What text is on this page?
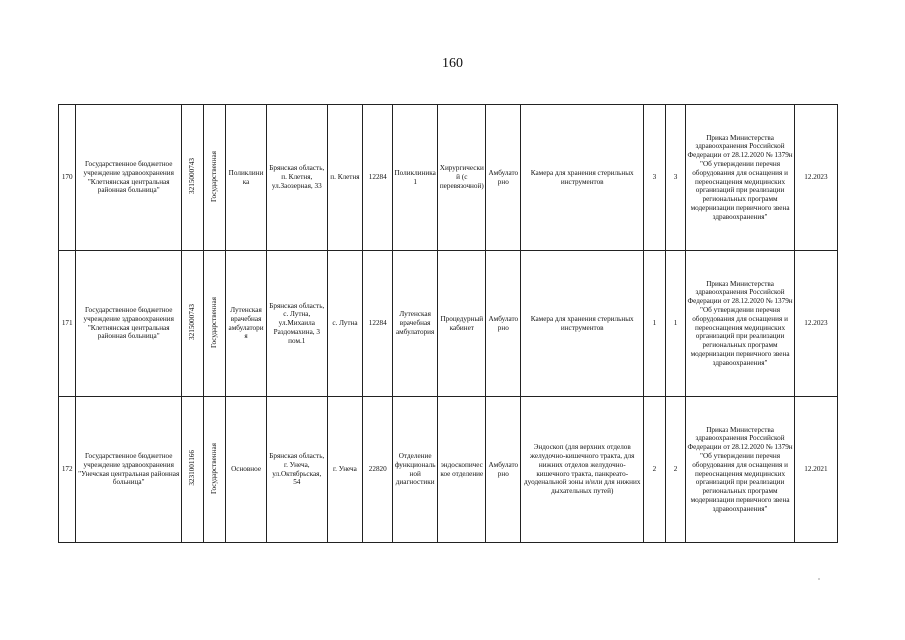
160
170	Государственное бюджетное учреждение здравоохранения "Клетнянская центральная районная больница"	3215000743	Государственная	Поликлиника	Брянская область, п. Клетня, ул.Заозерная, 33	п. Клетня	12284	Поликлиника 1	Хирургический (с перевязочной)	Амбулаторно	Камера для хранения стерильных инструментов	3	3	Приказ Министерства здравоохранения Российской Федерации от 28.12.2020 № 1379н "Об утверждении перечня оборудования для оснащения и переоснащения медицинских организаций при реализации региональных программ модернизации первичного звена здравоохранения"	12.2023
171	Государственное бюджетное учреждение здравоохранения "Клетнянская центральная районная больница"	3215000743	Государственная	Лутенская врачебная амбулатория	Брянская область, с. Лутна, ул.Михаила Раздомахина, 3 пом.1	с. Лутна	12284	Лутенская врачебная амбулатория	Процедурный кабинет	Амбулаторно	Камера для хранения стерильных инструментов	1	1	Приказ Министерства здравоохранения Российской Федерации от 28.12.2020 № 1379н "Об утверждении перечня оборудования для оснащения и переоснащения медицинских организаций при реализации региональных программ модернизации первичного звена здравоохранения"	12.2023
172	Государственное бюджетное учреждение здравоохранения "Унечская центральная районная больница"	3231001166	Государственная	Основное	Брянская область, г. Унеча, ул.Октябрьская, 54	г. Унеча	22820	Отделение функциональной диагностики	эндоскопическое отделение	Амбулаторно	Эндоскоп (для верхних отделов желудочно-кишечного тракта, для нижних отделов желудочно-кишечного тракта, панкреато-дуоденальной зоны и/или для нижних дыхательных путей)	2	2	Приказ Министерства здравоохранения Российской Федерации от 28.12.2020 № 1379н "Об утверждении перечня оборудования для оснащения и переоснащения медицинских организаций при реализации региональных программ модернизации первичного звена здравоохранения"	12.2021
